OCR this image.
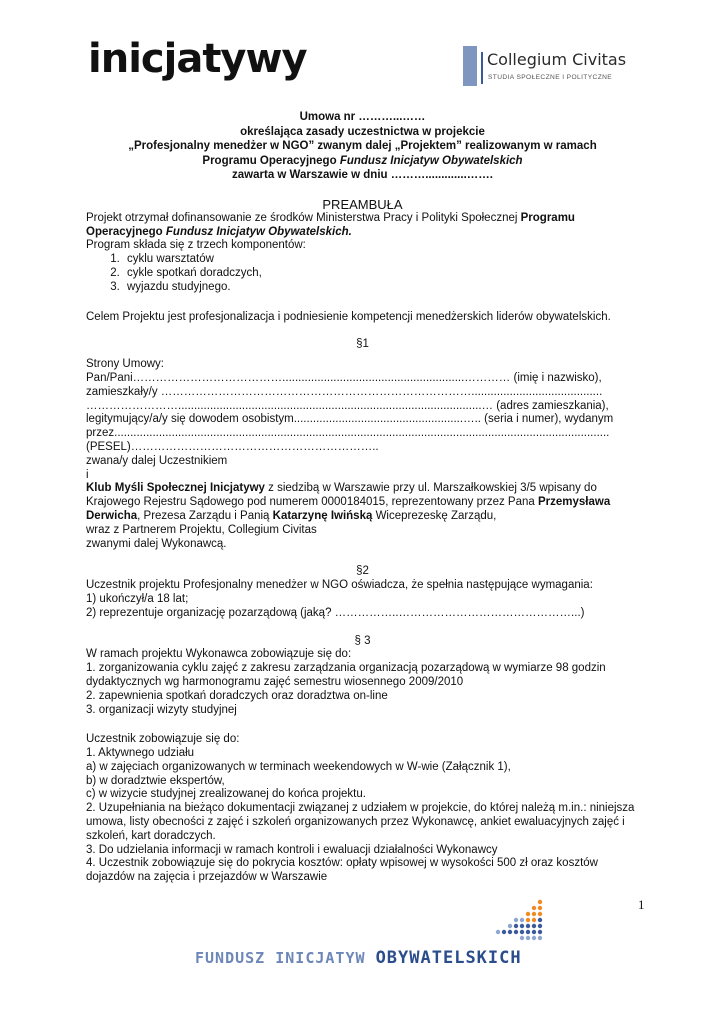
inicjatywy	Collegium Civitas
STUDIA SPOŁECZNE I POLITYCZNE
Umowa nr ………...……
określająca zasady uczestnictwa w projekcie
„Profesjonalny menedżer w NGO” zwanym dalej „Projektem” realizowanym w ramach
Programu Operacyjnego Fundusz Inicjatyw Obywatelskich
zawarta w Warszawie w dniu ……….............…….

PREAMBUŁA

Projekt otrzymał dofinansowanie ze środków Ministerstwa Pracy i Polityki Społecznej Programu Operacyjnego Fundusz Inicjatyw Obywatelskich.

Program składa się z trzech komponentów:

1. cyklu warsztatów
2. cykle spotkań doradczych,
3. wyjazdu studyjnego.

Celem Projektu jest profesjonalizacja i podniesienie kompetencji menedżerskich liderów obywatelskich.

§1

Strony Umowy:

Pan/Pani………………………………….........................................................………… (imię i nazwisko),

zamieszkały/y ……………………………………………………………………….........................................

……………………...............................................................................................… (adres zamieszkania),

legitymujący/a/y się dowodem osobistym.....................................................….. (seria i numer), wydanym

przez...........................................................................................................................................................

(PESEL)………………………………………………………..

zwana/y dalej Uczestnikiem

i

Klub Myśli Społecznej Inicjatywy z siedzibą w Warszawie przy ul. Marszałkowskiej 3/5 wpisany do Krajowego Rejestru Sądowego pod numerem 0000184015, reprezentowany przez Pana Przemysława Derwicha, Prezesa Zarządu i Panią Katarzynę Iwińską Wiceprezeskę Zarządu,

wraz z Partnerem Projektu, Collegium Civitas

zwanymi dalej Wykonawcą.

§2

Uczestnik projektu Profesjonalny menedżer w NGO oświadcza, że spełnia następujące wymagania:

1) ukończył/a 18 lat;

2) reprezentuje organizację pozarządową (jaką? ……………..………………………………………...)

§ 3

W ramach projektu Wykonawca zobowiązuje się do:

1. zorganizowania cyklu zajęć z zakresu zarządzania organizacją pozarządową w wymiarze 98 godzin dydaktycznych wg harmonogramu zajęć semestru wiosennego 2009/2010

2. zapewnienia spotkań doradczych oraz doradztwa on-line

3. organizacji wizyty studyjnej

Uczestnik zobowiązuje się do:

1. Aktywnego udziału

a) w zajęciach organizowanych w terminach weekendowych w W-wie (Załącznik 1),

b) w doradztwie ekspertów,

c) w wizycie studyjnej zrealizowanej do końca projektu.

2. Uzupełniania na bieżąco dokumentacji związanej z udziałem w projekcie, do której należą m.in.: niniejsza umowa, listy obecności z zajęć i szkoleń organizowanych przez Wykonawcę, ankiet ewaluacyjnych zajęć i szkoleń, kart doradczych.

3. Do udzielania informacji w ramach kontroli i ewaluacji działalności Wykonawcy

4. Uczestnik zobowiązuje się do pokrycia kosztów: opłaty wpisowej w wysokości 500 zł oraz kosztów dojazdów na zajęcia i przejazdów w Warszawie

1
FUNDUSZ INICJATYW OBYWATELSKICH
